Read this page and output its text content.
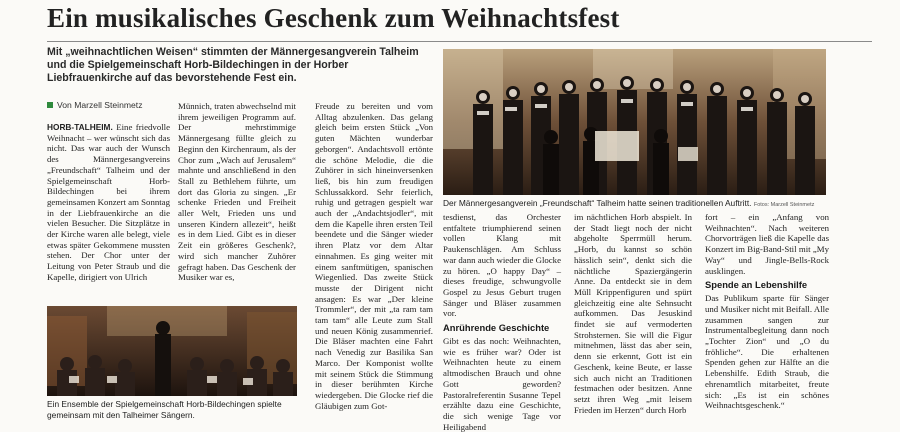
Ein musikalisches Geschenk zum Weihnachtsfest
Mit „weihnachtlichen Weisen“ stimmten der Männergesangverein Talheim und die Spielgemeinschaft Horb-Bildechingen in der Horber Liebfrauenkirche auf das bevorstehende Fest ein.
Von Marzell Steinmetz

HORB-TALHEIM. Eine friedvolle Weihnacht – wer wünscht sich das nicht. Das war auch der Wunsch des Männergesangvereins „Freundschaft“ Talheim und der Spielgemeinschaft Horb-Bildechingen bei ihrem gemeinsamen Konzert am Sonntag in der Liebfrauenkirche an die vielen Besucher. Die Sitzplätze in der Kirche waren alle belegt, viele etwas später Gekommene mussten stehen. Der Chor unter der Leitung von Peter Straub und die Kapelle, dirigiert von Ulrich

Münnich, traten abwechselnd mit ihrem jeweiligen Programm auf. Der mehrstimmige Männergesang füllte gleich zu Beginn den Kirchenraum, als der Chor zum „Wach auf Jerusalem“ mahnte und anschließend in den Stall zu Bethlehem führte, um dort das Gloria zu singen. „Er schenke Frieden und Freiheit aller Welt, Frieden uns und unseren Kindern allezeit“, heißt es in dem Lied. Gibt es in dieser Zeit ein größeres Geschenk?, wird sich mancher Zuhörer gefragt haben. Das Geschenk der Musiker war es,

Freude zu bereiten und vom Alltag abzulenken. Das gelang gleich beim ersten Stück „Von guten Mächten wunderbar geborgen“. Andachtsvoll ertönte die schöne Melodie, die die Zuhörer in sich hineinversenken ließ, bis hin zum freudigen Schlussakkord. Sehr feierlich, ruhig und getragen gespielt war auch der „Andachtsjodler“, mit dem die Kapelle ihren ersten Teil beendete und die Sänger wieder ihren Platz vor dem Altar einnahmen. Es ging weiter mit einem sanftmütigen, spanischen Wiegenlied. Das zweite Stück musste der Dirigent nicht ansagen: Es war „Der kleine Trommler“, der mit „ta ram tam tam tam“ alle Leute zum Stall und neuen König zusammenrief. Die Bläser machten eine Fahrt nach Venedig zur Basilika San Marco. Der Komponist wollte mit seinem Stück die Stimmung in dieser berühmten Kirche wiedergeben. Die Glocke rief die Gläubigen zum Got-

Ein Ensemble der Spielgemeinschaft Horb-Bildechingen spielte gemeinsam mit den Talheimer Sängern.
Der Männergesangverein „Freundschaft“ Talheim hatte seinen traditionellen Auftritt. Fotos: Marzell Steinmetz

tesdienst, das Orchester entfaltete triumphierend seinen vollen Klang mit Paukenschlägen. Am Schluss war dann auch wieder die Glocke zu hören. „O happy Day“ – dieses freudige, schwungvolle Gospel zu Jesus Geburt trugen Sänger und Bläser zusammen vor.

Anrührende Geschichte

Gibt es das noch: Weihnachten, wie es früher war? Oder ist Weihnachten heute zu einem altmodischen Brauch und ohne Gott geworden? Pastoralreferentin Susanne Tepel erzählte dazu eine Geschichte, die sich wenige Tage vor Heiligabend

im nächtlichen Horb abspielt. In der Stadt liegt noch der nicht abgeholte Sperrmüll herum. „Horb, du kannst so schön hässlich sein“, denkt sich die nächtliche Spaziergängerin Anne. Da entdeckt sie in dem Müll Krippenfiguren und spürt gleichzeitig eine alte Sehnsucht aufkommen. Das Jesuskind findet sie auf vermoderten Strohsternen. Sie will die Figur mitnehmen, lässt das aber sein, denn sie erkennt, Gott ist ein Geschenk, keine Beute, er lasse sich auch nicht an Traditionen festmachen oder besitzen. Anne setzt ihren Weg „mit leisem Frieden im Herzen“ durch Horb

fort – ein „Anfang von Weihnachten“. Nach weiteren Chorvorträgen ließ die Kapelle das Konzert im Big-Band-Stil mit „My Way“ und Jingle-Bells-Rock ausklingen.

Spende an Lebenshilfe

Das Publikum sparte für Sänger und Musiker nicht mit Beifall. Alle zusammen sangen zur Instrumentalbegleitung dann noch „Tochter Zion“ und „O du fröhliche“. Die erhaltenen Spenden gehen zur Hälfte an die Lebenshilfe. Edith Straub, die ehrenamtlich mitarbeitet, freute sich: „Es ist ein schönes Weihnachtsgeschenk.“
